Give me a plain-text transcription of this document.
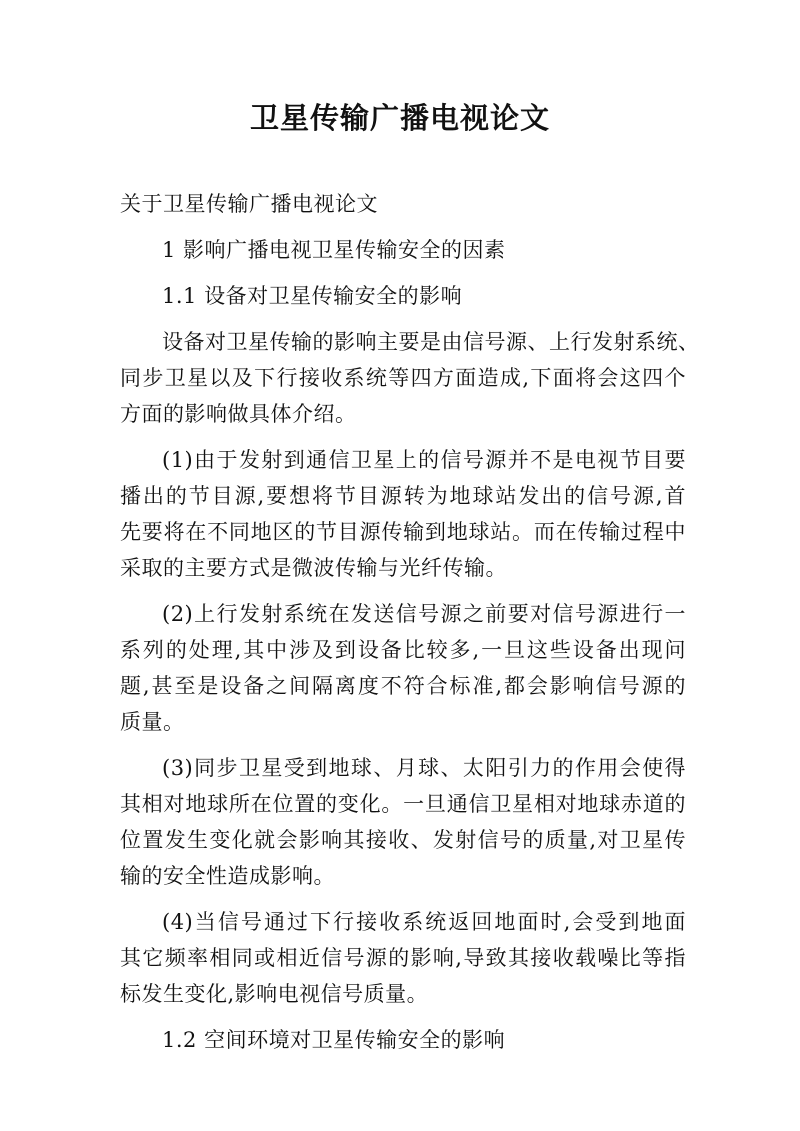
卫星传输广播电视论文
关于卫星传输广播电视论文
1 影响广播电视卫星传输安全的因素
1.1 设备对卫星传输安全的影响
设备对卫星传输的影响主要是由信号源、上行发射系统、
同步卫星以及下行接收系统等四方面造成,下面将会这四个
方面的影响做具体介绍。
(1)由于发射到通信卫星上的信号源并不是电视节目要
播出的节目源,要想将节目源转为地球站发出的信号源,首
先要将在不同地区的节目源传输到地球站。而在传输过程中
采取的主要方式是微波传输与光纤传输。
(2)上行发射系统在发送信号源之前要对信号源进行一
系列的处理,其中涉及到设备比较多,一旦这些设备出现问
题,甚至是设备之间隔离度不符合标准,都会影响信号源的
质量。
(3)同步卫星受到地球、月球、太阳引力的作用会使得
其相对地球所在位置的变化。一旦通信卫星相对地球赤道的
位置发生变化就会影响其接收、发射信号的质量,对卫星传
输的安全性造成影响。
(4)当信号通过下行接收系统返回地面时,会受到地面
其它频率相同或相近信号源的影响,导致其接收载噪比等指
标发生变化,影响电视信号质量。
1.2 空间环境对卫星传输安全的影响
